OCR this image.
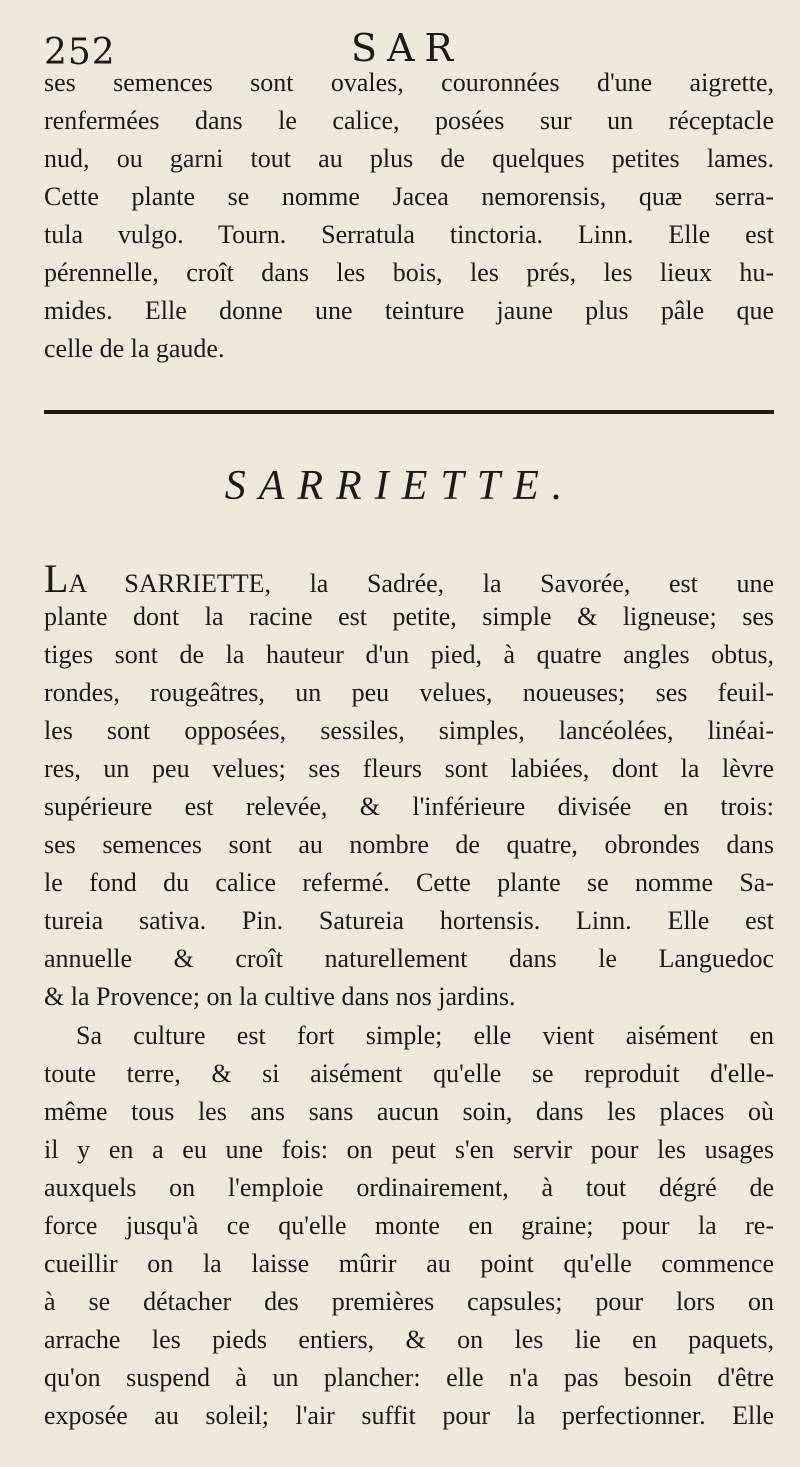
252	SAR
ses semences sont ovales, couronnées d'une aigrette,
renfermées dans le calice, posées sur un réceptacle
nud, ou garni tout au plus de quelques petites lames.
Cette plante se nomme Jacea nemorensis, quæ serra-
tula vulgo. Tourn. Serratula tinctoria. Linn. Elle est
pérennelle, croît dans les bois, les prés, les lieux hu-
mides. Elle donne une teinture jaune plus pâle que
celle de la gaude.
SARRIETTE.
LA SARRIETTE, la Sadrée, la Savorée, est une
plante dont la racine est petite, simple & ligneuse; ses
tiges sont de la hauteur d'un pied, à quatre angles obtus,
rondes, rougeâtres, un peu velues, noueuses; ses feuil-
les sont opposées, sessiles, simples, lancéolées, linéai-
res, un peu velues; ses fleurs sont labiées, dont la lèvre
supérieure est relevée, & l'inférieure divisée en trois:
ses semences sont au nombre de quatre, obrondes dans
le fond du calice refermé. Cette plante se nomme Sa-
tureia sativa. Pin. Satureia hortensis. Linn. Elle est
annuelle & croît naturellement dans le Languedoc
& la Provence; on la cultive dans nos jardins.
Sa culture est fort simple; elle vient aisément en
toute terre, & si aisément qu'elle se reproduit d'elle-
même tous les ans sans aucun soin, dans les places où
il y en a eu une fois: on peut s'en servir pour les usages
auxquels on l'emploie ordinairement, à tout dégré de
force jusqu'à ce qu'elle monte en graine; pour la re-
cueillir on la laisse mûrir au point qu'elle commence
à se détacher des premières capsules; pour lors on
arrache les pieds entiers, & on les lie en paquets,
qu'on suspend à un plancher: elle n'a pas besoin d'être
exposée au soleil; l'air suffit pour la perfectionner. Elle
